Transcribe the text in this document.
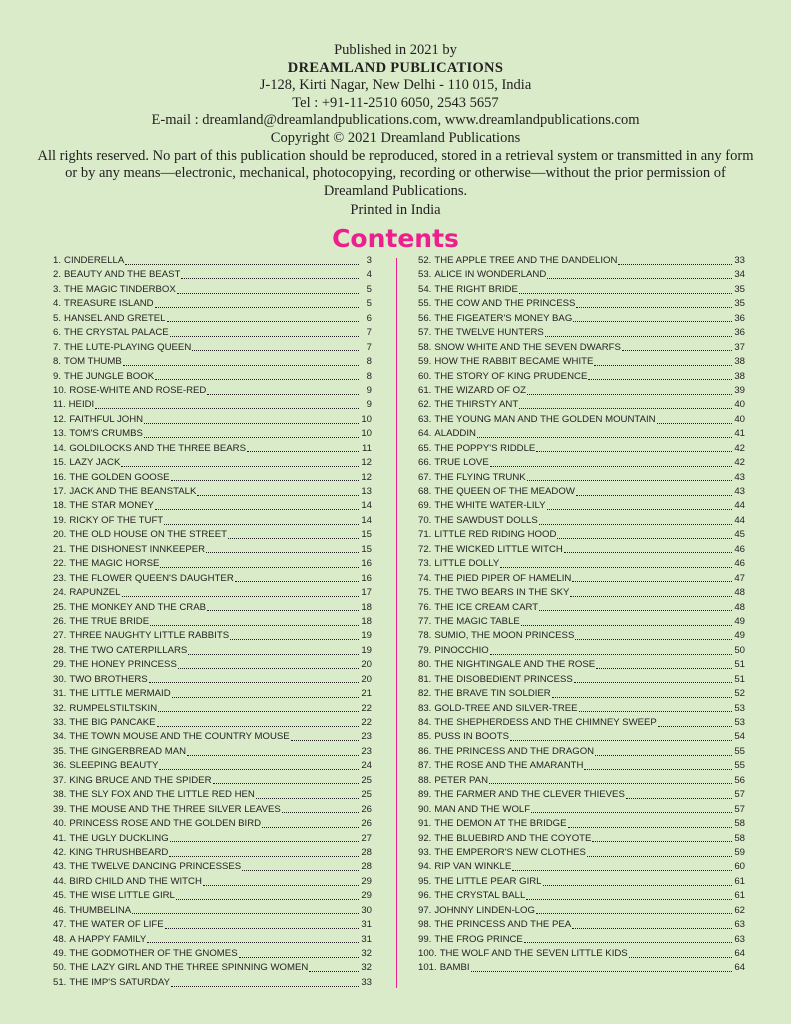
Published in 2021 by
DREAMLAND PUBLICATIONS
J-128, Kirti Nagar, New Delhi - 110 015, India
Tel : +91-11-2510 6050, 2543 5657
E-mail : dreamland@dreamlandpublications.com, www.dreamlandpublications.com
Copyright © 2021 Dreamland Publications
All rights reserved. No part of this publication should be reproduced, stored in a retrieval system or transmitted in any form or by any means—electronic, mechanical, photocopying, recording or otherwise—without the prior permission of Dreamland Publications.
Printed in India
Contents
1. CINDERELLA	3
2. BEAUTY AND THE BEAST	4
3. THE MAGIC TINDERBOX	5
4. TREASURE ISLAND	5
5. HANSEL AND GRETEL	6
6. THE CRYSTAL PALACE	7
7. THE LUTE-PLAYING QUEEN	7
8. TOM THUMB	8
9. THE JUNGLE BOOK	8
10. ROSE-WHITE AND ROSE-RED	9
11. HEIDI	9
12. FAITHFUL JOHN	10
13. TOM'S CRUMBS	10
14. GOLDILOCKS AND THE THREE BEARS	11
15. LAZY JACK	12
16. THE GOLDEN GOOSE	12
17. JACK AND THE BEANSTALK	13
18. THE STAR MONEY	14
19. RICKY OF THE TUFT	14
20. THE OLD HOUSE ON THE STREET	15
21. THE DISHONEST INNKEEPER	15
22. THE MAGIC HORSE	16
23. THE FLOWER QUEEN'S DAUGHTER	16
24. RAPUNZEL	17
25. THE MONKEY AND THE CRAB	18
26. THE TRUE BRIDE	18
27. THREE NAUGHTY LITTLE RABBITS	19
28. THE TWO CATERPILLARS	19
29. THE HONEY PRINCESS	20
30. TWO BROTHERS	20
31. THE LITTLE MERMAID	21
32. RUMPELSTILTSKIN	22
33. THE BIG PANCAKE	22
34. THE TOWN MOUSE AND THE COUNTRY MOUSE	23
35. THE GINGERBREAD MAN	23
36. SLEEPING BEAUTY	24
37. KING BRUCE AND THE SPIDER	25
38. THE SLY FOX AND THE LITTLE RED HEN	25
39. THE MOUSE AND THE THREE SILVER LEAVES	26
40. PRINCESS ROSE AND THE GOLDEN BIRD	26
41. THE UGLY DUCKLING	27
42. KING THRUSHBEARD	28
43. THE TWELVE DANCING PRINCESSES	28
44. BIRD CHILD AND THE WITCH	29
45. THE WISE LITTLE GIRL	29
46. THUMBELINA	30
47. THE WATER OF LIFE	31
48. A HAPPY FAMILY	31
49. THE GODMOTHER OF THE GNOMES	32
50. THE LAZY GIRL AND THE THREE SPINNING WOMEN	32
51. THE IMP'S SATURDAY	33
52. THE APPLE TREE AND THE DANDELION	33
53. ALICE IN WONDERLAND	34
54. THE RIGHT BRIDE	35
55. THE COW AND THE PRINCESS	35
56. THE FIGEATER'S MONEY BAG	36
57. THE TWELVE HUNTERS	36
58. SNOW WHITE AND THE SEVEN DWARFS	37
59. HOW THE RABBIT BECAME WHITE	38
60. THE STORY OF KING PRUDENCE	38
61. THE WIZARD OF OZ	39
62. THE THIRSTY ANT	40
63. THE YOUNG MAN AND THE GOLDEN MOUNTAIN	40
64. ALADDIN	41
65. THE POPPY'S RIDDLE	42
66. TRUE LOVE	42
67. THE FLYING TRUNK	43
68. THE QUEEN OF THE MEADOW	43
69. THE WHITE WATER-LILY	44
70. THE SAWDUST DOLLS	44
71. LITTLE RED RIDING HOOD	45
72. THE WICKED LITTLE WITCH	46
73. LITTLE DOLLY	46
74. THE PIED PIPER OF HAMELIN	47
75. THE TWO BEARS IN THE SKY	48
76. THE ICE CREAM CART	48
77. THE MAGIC TABLE	49
78. SUMIO, THE MOON PRINCESS	49
79. PINOCCHIO	50
80. THE NIGHTINGALE AND THE ROSE	51
81. THE DISOBEDIENT PRINCESS	51
82. THE BRAVE TIN SOLDIER	52
83. GOLD-TREE AND SILVER-TREE	53
84. THE SHEPHERDESS AND THE CHIMNEY SWEEP	53
85. PUSS IN BOOTS	54
86. THE PRINCESS AND THE DRAGON	55
87. THE ROSE AND THE AMARANTH	55
88. PETER PAN	56
89. THE FARMER AND THE CLEVER THIEVES	57
90. MAN AND THE WOLF	57
91. THE DEMON AT THE BRIDGE	58
92. THE BLUEBIRD AND THE COYOTE	58
93. THE EMPEROR'S NEW CLOTHES	59
94. RIP VAN WINKLE	60
95. THE LITTLE PEAR GIRL	61
96. THE CRYSTAL BALL	61
97. JOHNNY LINDEN-LOG	62
98. THE PRINCESS AND THE PEA	63
99. THE FROG PRINCE	63
100. THE WOLF AND THE SEVEN LITTLE KIDS	64
101. BAMBI	64
